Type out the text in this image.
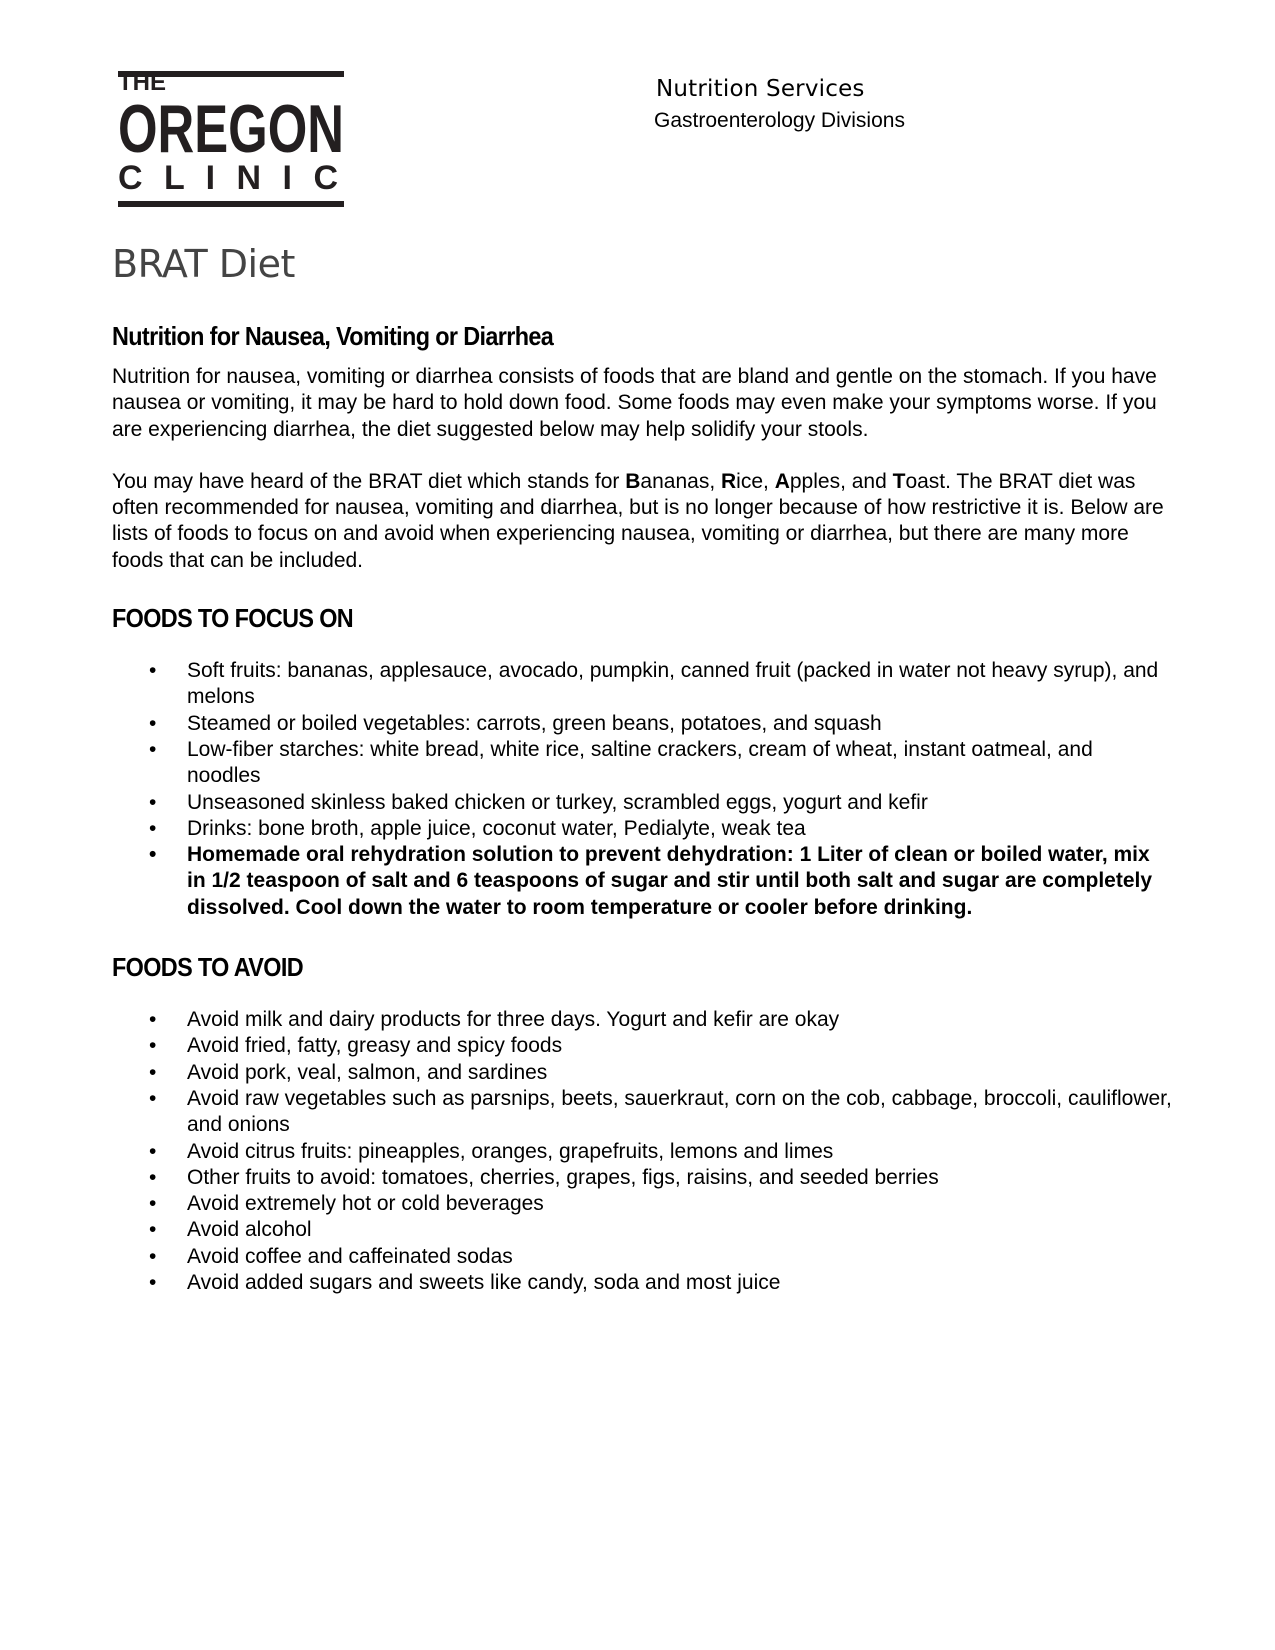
THE
OREGON
C L I N I C
Nutrition Services
Gastroenterology Divisions
BRAT Diet
Nutrition for Nausea, Vomiting or Diarrhea

Nutrition for nausea, vomiting or diarrhea consists of foods that are bland and gentle on the stomach. If you have nausea or vomiting, it may be hard to hold down food. Some foods may even make your symptoms worse. If you are experiencing diarrhea, the diet suggested below may help solidify your stools.

You may have heard of the BRAT diet which stands for Bananas, Rice, Apples, and Toast. The BRAT diet was often recommended for nausea, vomiting and diarrhea, but is no longer because of how restrictive it is. Below are lists of foods to focus on and avoid when experiencing nausea, vomiting or diarrhea, but there are many more foods that can be included.

FOODS TO FOCUS ON
• Soft fruits: bananas, applesauce, avocado, pumpkin, canned fruit (packed in water not heavy syrup), and melons
• Steamed or boiled vegetables: carrots, green beans, potatoes, and squash
• Low-fiber starches: white bread, white rice, saltine crackers, cream of wheat, instant oatmeal, and noodles
• Unseasoned skinless baked chicken or turkey, scrambled eggs, yogurt and kefir
• Drinks: bone broth, apple juice, coconut water, Pedialyte, weak tea
• Homemade oral rehydration solution to prevent dehydration: 1 Liter of clean or boiled water, mix in 1/2 teaspoon of salt and 6 teaspoons of sugar and stir until both salt and sugar are completely dissolved. Cool down the water to room temperature or cooler before drinking.
FOODS TO AVOID
• Avoid milk and dairy products for three days. Yogurt and kefir are okay
• Avoid fried, fatty, greasy and spicy foods
• Avoid pork, veal, salmon, and sardines
• Avoid raw vegetables such as parsnips, beets, sauerkraut, corn on the cob, cabbage, broccoli, cauliflower, and onions
• Avoid citrus fruits: pineapples, oranges, grapefruits, lemons and limes
• Other fruits to avoid: tomatoes, cherries, grapes, figs, raisins, and seeded berries
• Avoid extremely hot or cold beverages
• Avoid alcohol
• Avoid coffee and caffeinated sodas
• Avoid added sugars and sweets like candy, soda and most juice
